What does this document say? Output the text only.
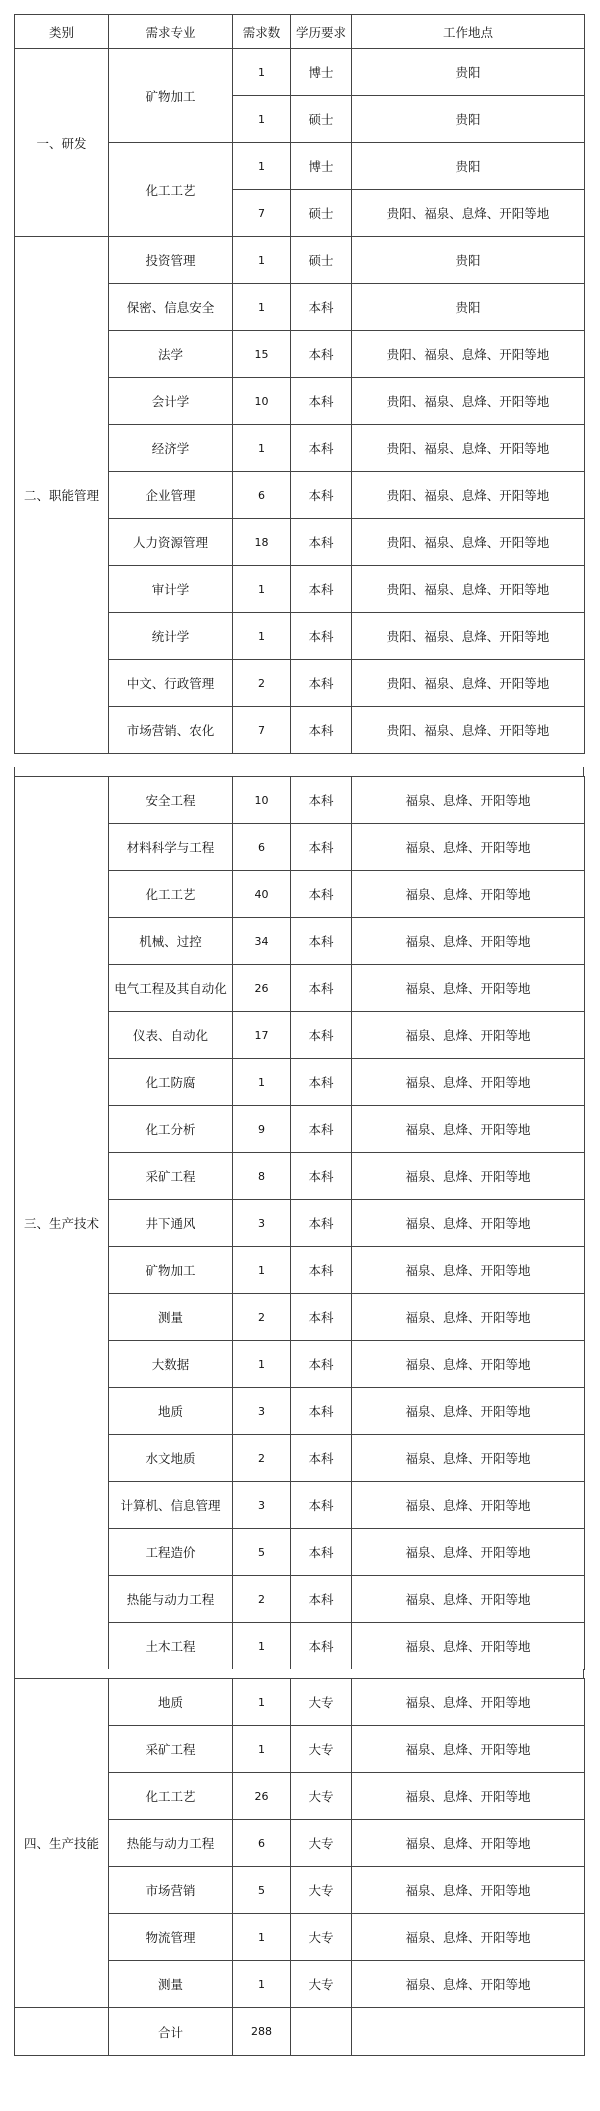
类别	需求专业	需求数	学历要求	工作地点
一、研发	矿物加工	1	博士	贵阳
		1	硕士	贵阳
	化工工艺	1	博士	贵阳
		7	硕士	贵阳、福泉、息烽、开阳等地
二、职能管理	投资管理	1	硕士	贵阳
	保密、信息安全	1	本科	贵阳
	法学	15	本科	贵阳、福泉、息烽、开阳等地
	会计学	10	本科	贵阳、福泉、息烽、开阳等地
	经济学	1	本科	贵阳、福泉、息烽、开阳等地
	企业管理	6	本科	贵阳、福泉、息烽、开阳等地
	人力资源管理	18	本科	贵阳、福泉、息烽、开阳等地
	审计学	1	本科	贵阳、福泉、息烽、开阳等地
	统计学	1	本科	贵阳、福泉、息烽、开阳等地
	中文、行政管理	2	本科	贵阳、福泉、息烽、开阳等地
	市场营销、农化	7	本科	贵阳、福泉、息烽、开阳等地
三、生产技术	安全工程	10	本科	福泉、息烽、开阳等地
	材料科学与工程	6	本科	福泉、息烽、开阳等地
	化工工艺	40	本科	福泉、息烽、开阳等地
	机械、过控	34	本科	福泉、息烽、开阳等地
	电气工程及其自动化	26	本科	福泉、息烽、开阳等地
	仪表、自动化	17	本科	福泉、息烽、开阳等地
	化工防腐	1	本科	福泉、息烽、开阳等地
	化工分析	9	本科	福泉、息烽、开阳等地
	采矿工程	8	本科	福泉、息烽、开阳等地
	井下通风	3	本科	福泉、息烽、开阳等地
	矿物加工	1	本科	福泉、息烽、开阳等地
	测量	2	本科	福泉、息烽、开阳等地
	大数据	1	本科	福泉、息烽、开阳等地
	地质	3	本科	福泉、息烽、开阳等地
	水文地质	2	本科	福泉、息烽、开阳等地
	计算机、信息管理	3	本科	福泉、息烽、开阳等地
	工程造价	5	本科	福泉、息烽、开阳等地
	热能与动力工程	2	本科	福泉、息烽、开阳等地
	土木工程	1	本科	福泉、息烽、开阳等地
四、生产技能	地质	1	大专	福泉、息烽、开阳等地
	采矿工程	1	大专	福泉、息烽、开阳等地
	化工工艺	26	大专	福泉、息烽、开阳等地
	热能与动力工程	6	大专	福泉、息烽、开阳等地
	市场营销	5	大专	福泉、息烽、开阳等地
	物流管理	1	大专	福泉、息烽、开阳等地
	测量	1	大专	福泉、息烽、开阳等地
	合计	288		
